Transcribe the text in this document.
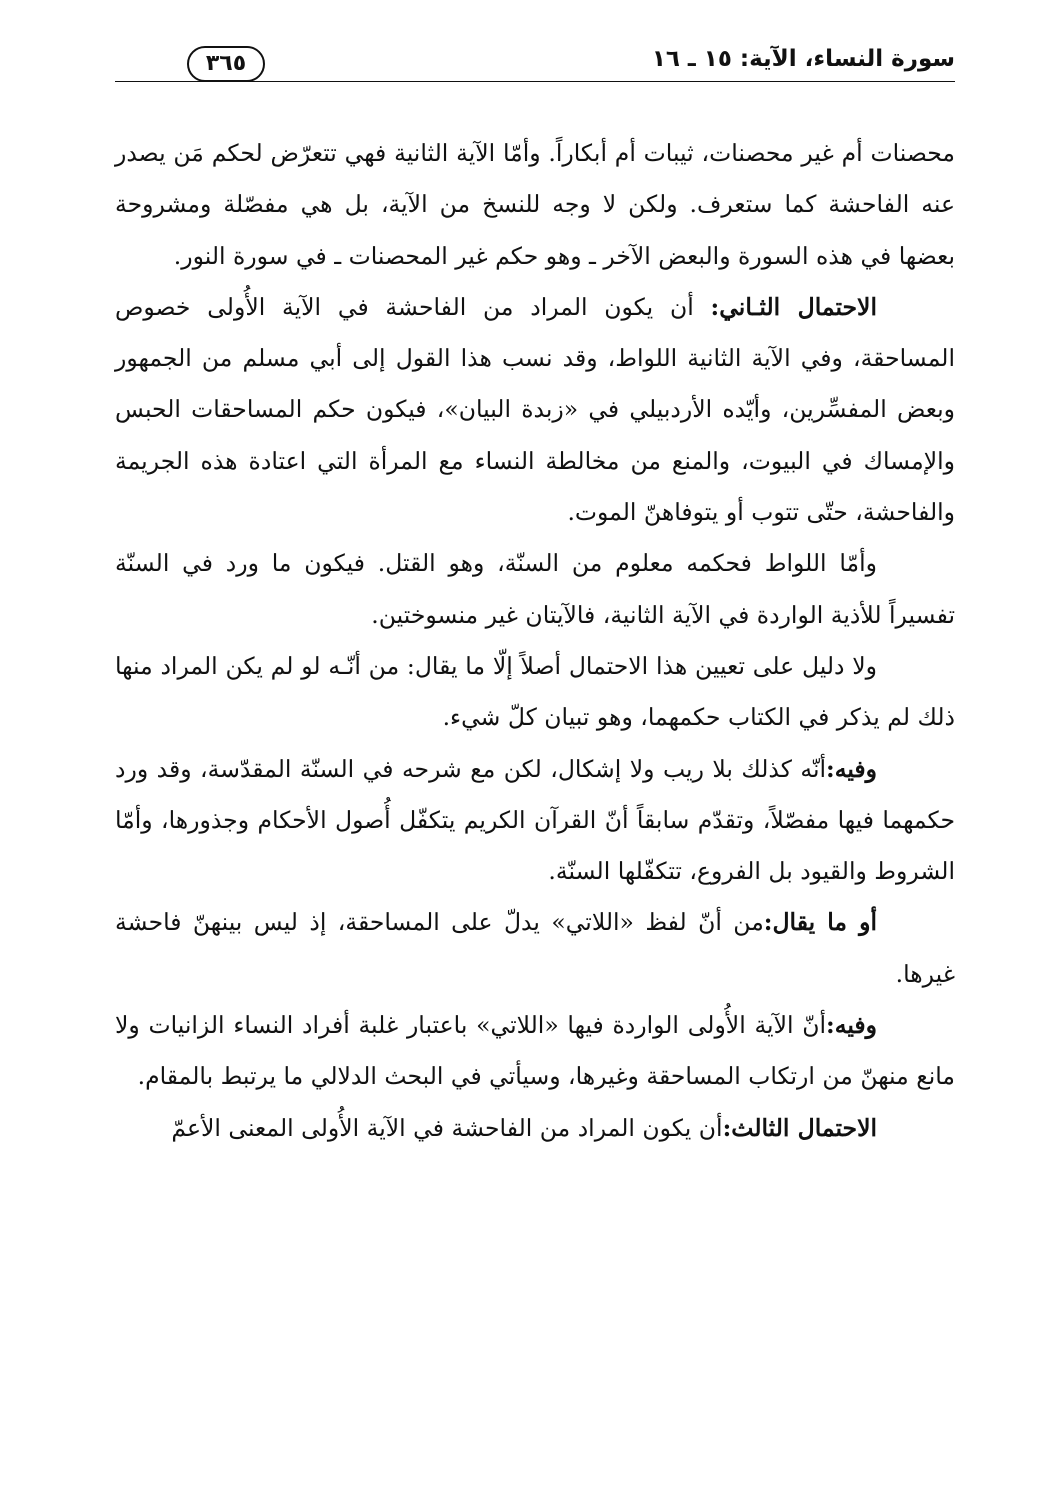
سورة النساء، الآية: ١٥ ـ ١٦
٣٦٥

محصنات أم غير محصنات، ثيبات أم أبكاراً. وأمّا الآية الثانية فهي تتعرّض لحكم مَن يصدر عنه الفاحشة كما ستعرف. ولكن لا وجه للنسخ من الآية، بل هي مفصّلة ومشروحة بعضها في هذه السورة والبعض الآخر ـ وهو حكم غير المحصنات ـ في سورة النور.

الاحتمال الثـاني: أن يكون المراد من الفاحشة في الآية الأُولى خصوص المساحقة، وفي الآية الثانية اللواط، وقد نسب هذا القول إلى أبي مسلم من الجمهور وبعض المفسِّرين، وأيّده الأردبيلي في «زبدة البيان»، فيكون حكم المساحقات الحبس والإمساك في البيوت، والمنع من مخالطة النساء مع المرأة التي اعتادة هذه الجريمة والفاحشة، حتّى تتوب أو يتوفاهنّ الموت.

وأمّا اللواط فحكمه معلوم من السنّة، وهو القتل. فيكون ما ورد في السنّة تفسيراً للأذية الواردة في الآية الثانية، فالآيتان غير منسوختين.

ولا دليل على تعيين هذا الاحتمال أصلاً إلّا ما يقال: من أنّـه لو لم يكن المراد منها ذلك لم يذكر في الكتاب حكمهما، وهو تبيان كلّ شيء.

وفيه:أنّه كذلك بلا ريب ولا إشكال، لكن مع شرحه في السنّة المقدّسة، وقد ورد حكمهما فيها مفصّلاً، وتقدّم سابقاً أنّ القرآن الكريم يتكفّل أُصول الأحكام وجذورها، وأمّا الشروط والقيود بل الفروع، تتكفّلها السنّة.

أو ما يقال:من أنّ لفظ «اللاتي» يدلّ على المساحقة، إذ ليس بينهنّ فاحشة غيرها.

وفيه:أنّ الآية الأُولى الواردة فيها «اللاتي» باعتبار غلبة أفراد النساء الزانيات ولا مانع منهنّ من ارتكاب المساحقة وغيرها، وسيأتي في البحث الدلالي ما يرتبط بالمقام.

الاحتمال الثالث:أن يكون المراد من الفاحشة في الآية الأُولى المعنى الأعمّ
